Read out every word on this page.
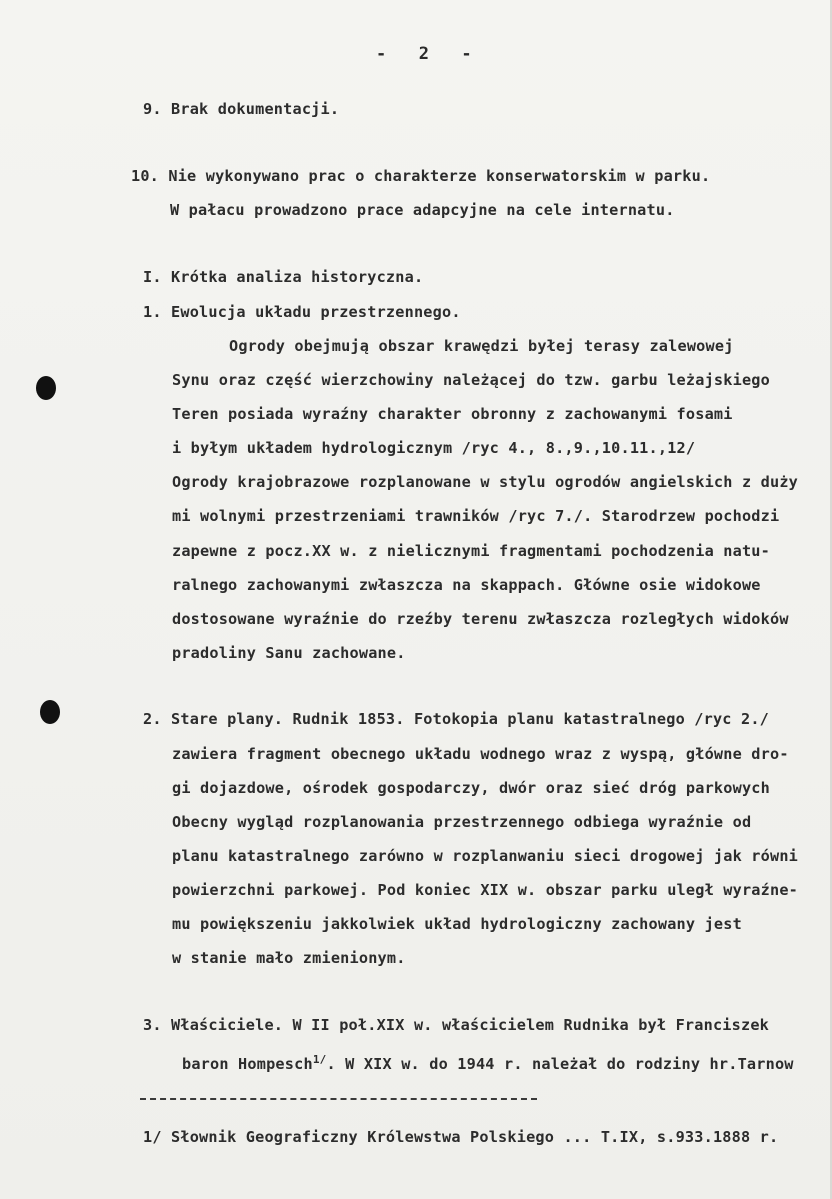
-  2  -
9. Brak dokumentacji.
10. Nie wykonywano prac o charakterze konserwatorskim w parku.
W pałacu prowadzono prace adapcyjne na cele internatu.
I. Krótka analiza historyczna.
1. Ewolucja układu przestrzennego.
Ogrody obejmują obszar krawędzi byłej terasy zalewowej
Synu oraz część wierzchowiny należącej do tzw. garbu leżajskiego
Teren posiada wyraźny charakter obronny z zachowanymi fosami
i byłym układem hydrologicznym /ryc 4., 8.,9.,10.11.,12/
Ogrody krajobrazowe rozplanowane w stylu ogrodów angielskich z duży
mi wolnymi przestrzeniami trawników /ryc 7./. Starodrzew pochodzi
zapewne z pocz.XX w. z nielicznymi fragmentami pochodzenia natu-
ralnego zachowanymi zwłaszcza na skappach. Główne osie widokowe
dostosowane wyraźnie do rzeźby terenu zwłaszcza rozległych widoków
pradoliny Sanu zachowane.
2. Stare plany. Rudnik 1853. Fotokopia planu katastralnego /ryc 2./
zawiera fragment obecnego układu wodnego wraz z wyspą, główne dro-
gi dojazdowe, ośrodek gospodarczy, dwór oraz sieć dróg parkowych
Obecny wygląd rozplanowania przestrzennego odbiega wyraźnie od
planu katastralnego zarówno w rozplanwaniu sieci drogowej jak równi
powierzchni parkowej. Pod koniec XIX w. obszar parku uległ wyraźne-
mu powiększeniu jakkolwiek układ hydrologiczny zachowany jest
w stanie mało zmienionym.
3. Właściciele. W II poł.XIX w. właścicielem Rudnika był Franciszek
baron Hompesch$^{1/}$. W XIX w. do 1944 r. należał do rodziny hr.Tarnow
1/ Słownik Geograficzny Królewstwa Polskiego ... T.IX, s.933.1888 r.
